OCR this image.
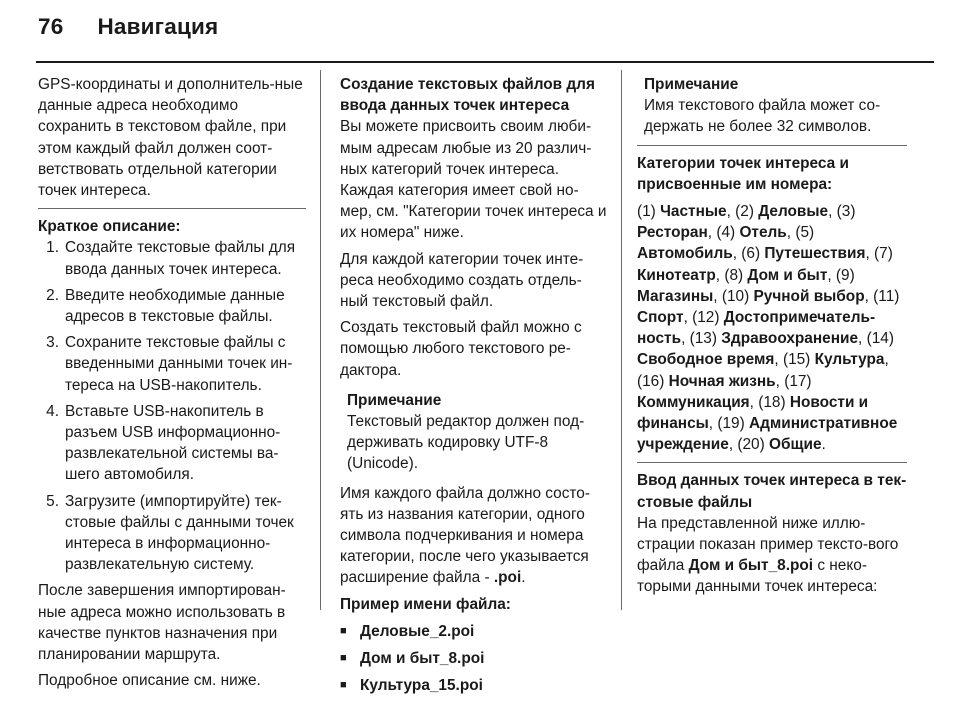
76 Навигация

GPS-координаты и дополнитель-ные данные адреса необходимо сохранить в текстовом файле, при этом каждый файл должен соот-ветствовать отдельной категории точек интереса.

Краткое описание:

1. Создайте текстовые файлы для ввода данных точек интереса.
2. Введите необходимые данные адресов в текстовые файлы.
3. Сохраните текстовые файлы с введенными данными точек ин-тереса на USB-накопитель.
4. Вставьте USB-накопитель в разъем USB информационно-развлекательной системы ва-шего автомобиля.
5. Загрузите (импортируйте) тек-стовые файлы с данными точек интереса в информационно-развлекательную систему.

После завершения импортирован-ные адреса можно использовать в качестве пунктов назначения при планировании маршрута.

Подробное описание см. ниже.

Создание текстовых файлов для ввода данных точек интереса

Вы можете присвоить своим люби-мым адресам любые из 20 различ-ных категорий точек интереса. Каждая категория имеет свой но-мер, см. "Категории точек интереса и их номера" ниже.

Для каждой категории точек инте-реса необходимо создать отдель-ный текстовый файл.

Создать текстовый файл можно с помощью любого текстового ре-дактора.

Примечание

Текстовый редактор должен под-держивать кодировку UTF-8 (Unicode).

Имя каждого файла должно состо-ять из названия категории, одного символа подчеркивания и номера категории, после чего указывается расширение файла - .poi.

Пример имени файла:

■ Деловые_2.poi
■ Дом и быт_8.poi
■ Культура_15.poi

Примечание

Имя текстового файла может со-держать не более 32 символов.

Категории точек интереса и присвоенные им номера:

(1) Частные, (2) Деловые, (3) Ресторан, (4) Отель, (5) Автомобиль, (6) Путешествия, (7) Кинотеатр, (8) Дом и быт, (9) Магазины, (10) Ручной выбор, (11) Спорт, (12) Достопримечатель-ность, (13) Здравоохранение, (14) Свободное время, (15) Культура, (16) Ночная жизнь, (17) Коммуникация, (18) Новости и финансы, (19) Административное учреждение, (20) Общие.

Ввод данных точек интереса в тек-стовые файлы

На представленной ниже иллю-страции показан пример тексто-вого файла Дом и быт_8.poi с неко-торыми данными точек интереса:
